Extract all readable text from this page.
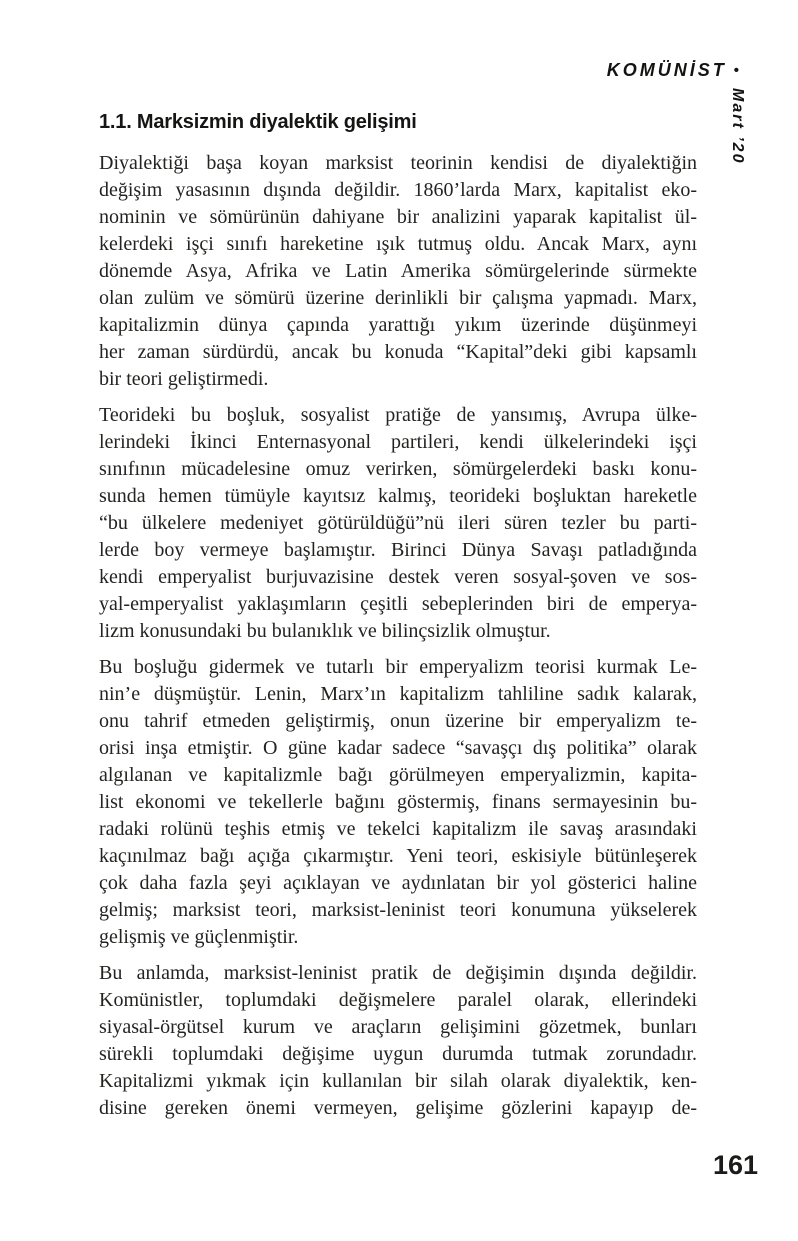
KOMÜNİST •
Mart ’20
1.1. Marksizmin diyalektik gelişimi
Diyalektiği başa koyan marksist teorinin kendisi de diyalektiğin
değişim yasasının dışında değildir. 1860’larda Marx, kapitalist eko-
nominin ve sömürünün dahiyane bir analizini yaparak kapitalist ül-
kelerdeki işçi sınıfı hareketine ışık tutmuş oldu. Ancak Marx, aynı
dönemde Asya, Afrika ve Latin Amerika sömürgelerinde sürmekte
olan zulüm ve sömürü üzerine derinlikli bir çalışma yapmadı. Marx,
kapitalizmin dünya çapında yarattığı yıkım üzerinde düşünmeyi
her zaman sürdürdü, ancak bu konuda “Kapital”deki gibi kapsamlı
bir teori geliştirmedi.
Teorideki bu boşluk, sosyalist pratiğe de yansımış, Avrupa ülke-
lerindeki İkinci Enternasyonal partileri, kendi ülkelerindeki işçi
sınıfının mücadelesine omuz verirken, sömürgelerdeki baskı konu-
sunda hemen tümüyle kayıtsız kalmış, teorideki boşluktan hareketle
“bu ülkelere medeniyet götürüldüğü”nü ileri süren tezler bu parti-
lerde boy vermeye başlamıştır. Birinci Dünya Savaşı patladığında
kendi emperyalist burjuvazisine destek veren sosyal-şoven ve sos-
yal-emperyalist yaklaşımların çeşitli sebeplerinden biri de emperya-
lizm konusundaki bu bulanıklık ve bilinçsizlik olmuştur.
Bu boşluğu gidermek ve tutarlı bir emperyalizm teorisi kurmak Le-
nin’e düşmüştür. Lenin, Marx’ın kapitalizm tahliline sadık kalarak,
onu tahrif etmeden geliştirmiş, onun üzerine bir emperyalizm te-
orisi inşa etmiştir. O güne kadar sadece “savaşçı dış politika” olarak
algılanan ve kapitalizmle bağı görülmeyen emperyalizmin, kapita-
list ekonomi ve tekellerle bağını göstermiş, finans sermayesinin bu-
radaki rolünü teşhis etmiş ve tekelci kapitalizm ile savaş arasındaki
kaçınılmaz bağı açığa çıkarmıştır. Yeni teori, eskisiyle bütünleşerek
çok daha fazla şeyi açıklayan ve aydınlatan bir yol gösterici haline
gelmiş; marksist teori, marksist-leninist teori konumuna yükselerek
gelişmiş ve güçlenmiştir.
Bu anlamda, marksist-leninist pratik de değişimin dışında değildir.
Komünistler, toplumdaki değişmelere paralel olarak, ellerindeki
siyasal-örgütsel kurum ve araçların gelişimini gözetmek, bunları
sürekli toplumdaki değişime uygun durumda tutmak zorundadır.
Kapitalizmi yıkmak için kullanılan bir silah olarak diyalektik, ken-
disine gereken önemi vermeyen, gelişime gözlerini kapayıp de-
161
